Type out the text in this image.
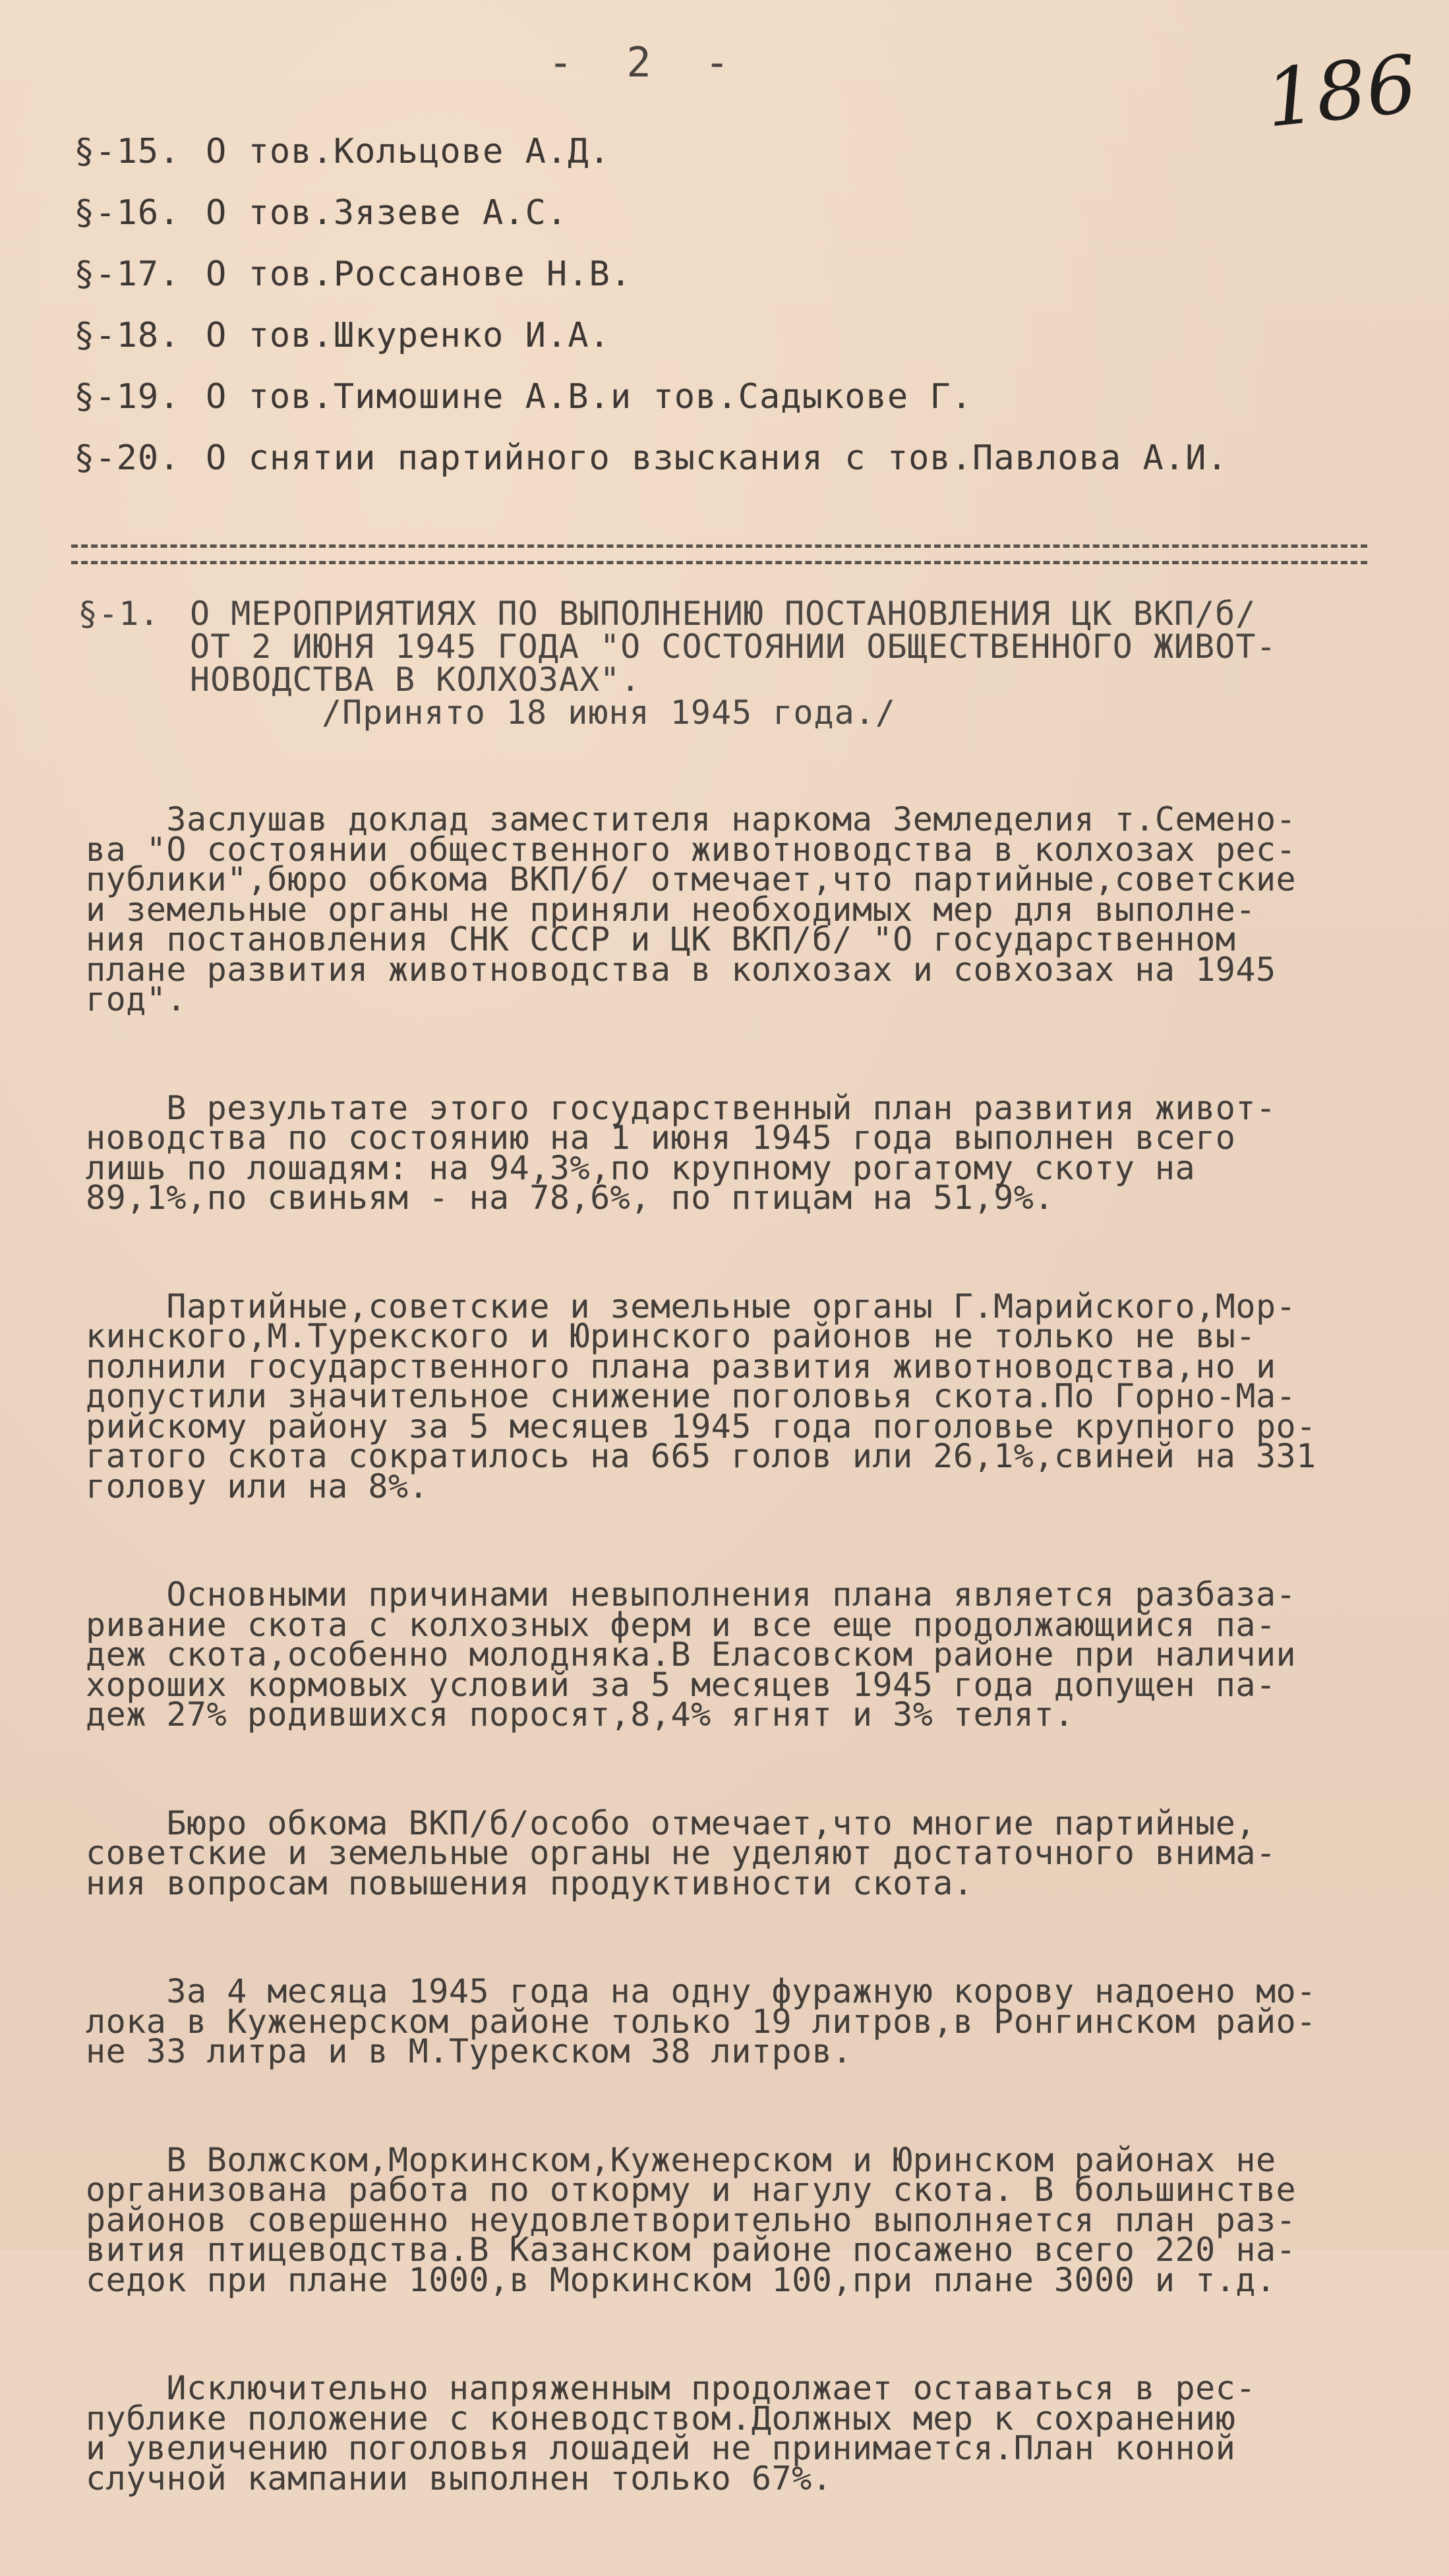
- 2 -	186
§-15. О тов.Кольцове А.Д.
§-16. О тов.Зязеве А.С.
§-17. О тов.Россанове Н.В.
§-18. О тов.Шкуренко И.А.
§-19. О тов.Тимошине А.В.и тов.Садыкове Г.
§-20. О снятии партийного взыскания с тов.Павлова А.И.
§-1. О МЕРОПРИЯТИЯХ ПО ВЫПОЛНЕНИЮ ПОСТАНОВЛЕНИЯ ЦК ВКП/б/
ОТ 2 ИЮНЯ 1945 ГОДА "О СОСТОЯНИИ ОБЩЕСТВЕННОГО ЖИВОТ-
НОВОДСТВА В КОЛХОЗАХ".
/Принято 18 июня 1945 года./

Заслушав доклад заместителя наркома Земледелия т.Семено-
ва "О состоянии общественного животноводства в колхозах рес-
публики",бюро обкома ВКП/б/ отмечает,что партийные,советские
и земельные органы не приняли необходимых мер для выполне-
ния постановления СНК СССР и ЦК ВКП/б/ "О государственном
плане развития животноводства в колхозах и совхозах на 1945
год".

В результате этого государственный план развития живот-
новодства по состоянию на 1 июня 1945 года выполнен всего
лишь по лошадям: на 94,3%,по крупному рогатому скоту на
89,1%,по свиньям - на 78,6%, по птицам на 51,9%.

Партийные,советские и земельные органы Г.Марийского,Мор-
кинского,М.Турекского и Юринского районов не только не вы-
полнили государственного плана развития животноводства,но и
допустили значительное снижение поголовья скота.По Горно-Ма-
рийскому району за 5 месяцев 1945 года поголовье крупного ро-
гатого скота сократилось на 665 голов или 26,1%,свиней на 331
голову или на 8%.

Основными причинами невыполнения плана является разбаза-
ривание скота с колхозных ферм и все еще продолжающийся па-
деж скота,особенно молодняка.В Еласовском районе при наличии
хороших кормовых условий за 5 месяцев 1945 года допущен па-
деж 27% родившихся поросят,8,4% ягнят и 3% телят.

Бюро обкома ВКП/б/особо отмечает,что многие партийные,
советские и земельные органы не уделяют достаточного внима-
ния вопросам повышения продуктивности скота.

За 4 месяца 1945 года на одну фуражную корову надоено мо-
лока в Куженерском районе только 19 литров,в Ронгинском райо-
не 33 литра и в М.Турекском 38 литров.

В Волжском,Моркинском,Куженерском и Юринском районах не
организована работа по откорму и нагулу скота. В большинстве
районов совершенно неудовлетворительно выполняется план раз-
вития птицеводства.В Казанском районе посажено всего 220 на-
седок при плане 1000,в Моркинском 100,при плане 3000 и т.д.

Исключительно напряженным продолжает оставаться в рес-
публике положение с коневодством.Должных мер к сохранению
и увеличению поголовья лошадей не принимается.План конной
случной кампании выполнен только 67%.
